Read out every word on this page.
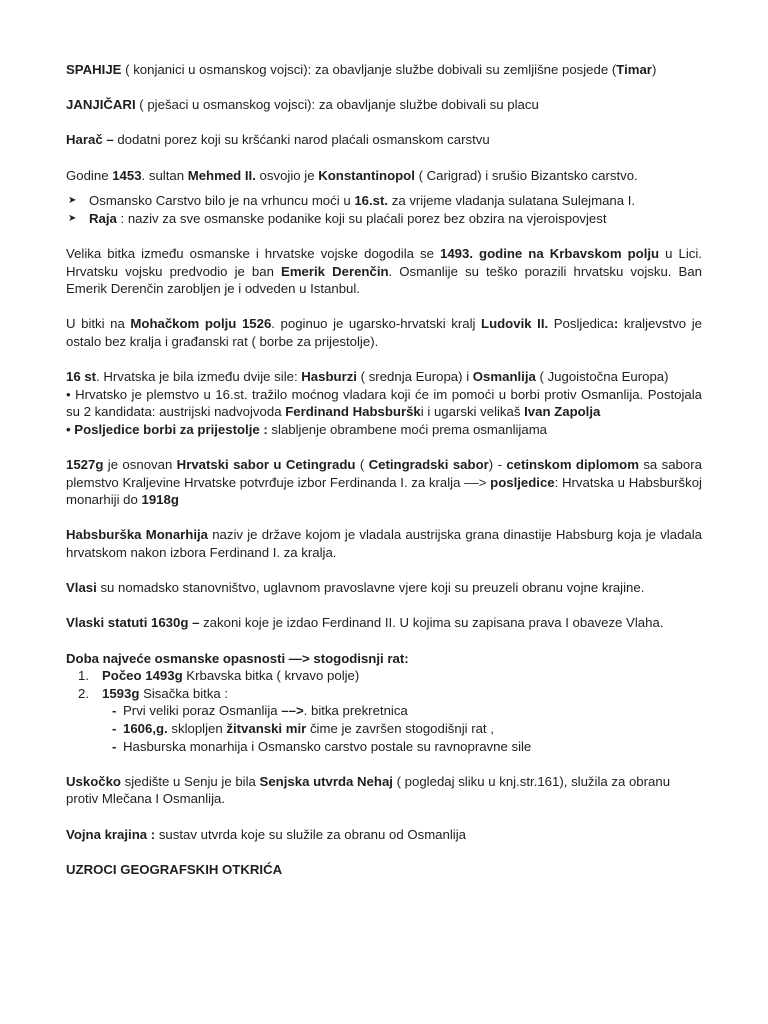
SPAHIJE ( konjanici u osmanskog vojsci): za obavljanje službe dobivali su zemljišne posjede (Timar)

JANJIČARI ( pješaci u osmanskog vojsci): za obavljanje službe dobivali su placu

Harač – dodatni porez koji su kršćanki narod plaćali osmanskom carstvu

Godine 1453. sultan Mehmed II. osvojio je Konstantinopol ( Carigrad) i srušio Bizantsko carstvo.

➤ Osmansko Carstvo bilo je na vrhuncu moći u 16.st. za vrijeme vladanja sulatana Sulejmana I.
➤ Raja : naziv za sve osmanske podanike koji su plaćali porez bez obzira na vjeroispovjest

Velika bitka između osmanske i hrvatske vojske dogodila se 1493. godine na Krbavskom polju u Lici. Hrvatsku vojsku predvodio je ban Emerik Derenčin. Osmanlije su teško porazili hrvatsku vojsku. Ban Emerik Derenčin zarobljen je i odveden u Istanbul.

U bitki na Mohačkom polju 1526. poginuo je ugarsko-hrvatski kralj Ludovik II. Posljedica: kraljevstvo je ostalo bez kralja i građanski rat ( borbe za prijestolje).

16 st. Hrvatska je bila između dvije sile: Hasburzi ( srednja Europa) i Osmanlija ( Jugoistočna Europa)

• Hrvatsko je plemstvo u 16.st. tražilo moćnog vladara koji će im pomoći u borbi protiv Osmanlija. Postojala su 2 kandidata: austrijski nadvojvoda Ferdinand Habsburški i ugarski velikaš Ivan Zapolja

• Posljedice borbi za prijestolje : slabljenje obrambene moći prema osmanlijama

1527g je osnovan Hrvatski sabor u Cetingradu ( Cetingradski sabor) - cetinskom diplomom sa sabora plemstvo Kraljevine Hrvatske potvrđuje izbor Ferdinanda I. za kralja ––> posljedice: Hrvatska u Habsburškoj monarhiji do 1918g

Habsburška Monarhija naziv je države kojom je vladala austrijska grana dinastije Habsburg koja je vladala hrvatskom nakon izbora Ferdinand I. za kralja.

Vlasi su nomadsko stanovništvo, uglavnom pravoslavne vjere koji su preuzeli obranu vojne krajine.

Vlaski statuti 1630g – zakoni koje je izdao Ferdinand II. U kojima su zapisana prava I obaveze Vlaha.

Doba najveće osmanske opasnosti —> stogodisnji rat:

1. Počeo 1493g Krbavska bitka ( krvavo polje)
2. 1593g Sisačka bitka :
- Prvi veliki poraz Osmanlija ––>. bitka prekretnica
- 1606,g. sklopljen žitvanski mir čime je završen stogodišnji rat ,
- Hasburska monarhija i Osmansko carstvo postale su ravnopravne sile

Uskočko sjedište u Senju je bila Senjska utvrda Nehaj ( pogledaj sliku u knj.str.161), služila za obranu protiv Mlečana I Osmanlija.

Vojna krajina : sustav utvrda koje su služile za obranu od Osmanlija

UZROCI GEOGRAFSKIH OTKRIĆA
